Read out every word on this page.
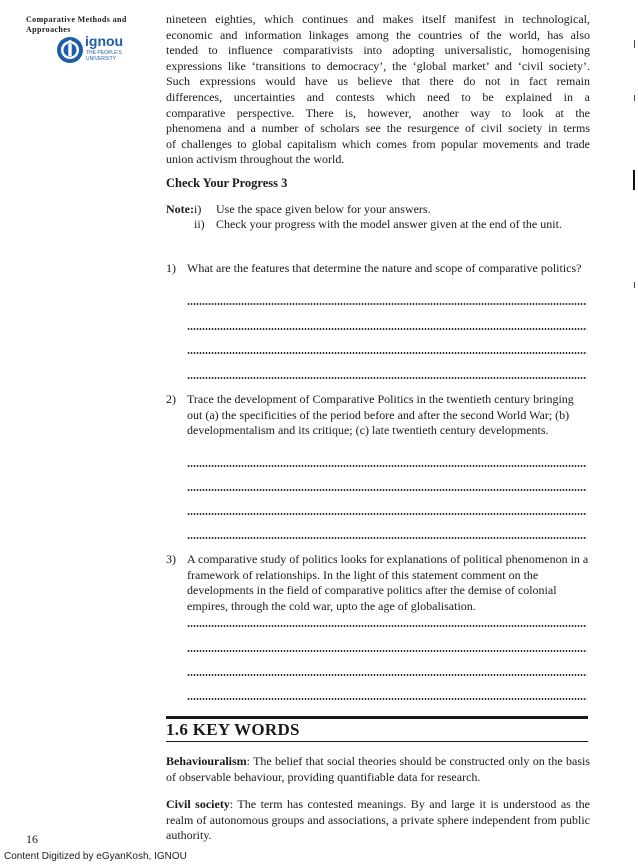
Comparative Methods and
Approaches
ignou
THE PEOPLE'S
UNIVERSITY
nineteen eighties, which continues and makes itself manifest in technological,
economic and information linkages among the countries of the world, has also
tended to influence comparativists into adopting universalistic, homogenising
expressions like ‘transitions to democracy’, the ‘global market’ and ‘civil society’.
Such expressions would have us believe that there do not in fact remain
differences, uncertainties and contests which need to be explained in a
comparative perspective. There is, however, another way to look at the
phenomena and a number of scholars see the resurgence of civil society in terms
of challenges to global capitalism which comes from popular movements and trade
union activism throughout the world.
Check Your Progress 3
Note: i)	Use the space given below for your answers.
ii) Check your progress with the model answer given at the end of the unit.
1) What are the features that determine the nature and scope of comparative politics?
2) Trace the development of Comparative Politics in the twentieth century bringing out (a) the specificities of the period before and after the second World War; (b) developmentalism and its critique; (c) late twentieth century developments.
3) A comparative study of politics looks for explanations of political phenomenon in a framework of relationships. In the light of this statement comment on the developments in the field of comparative politics after the demise of colonial empires, through the cold war, upto the age of globalisation.
1.6 KEY WORDS
Behaviouralism: The belief that social theories should be constructed only on the basis of observable behaviour, providing quantifiable data for research.
Civil society: The term has contested meanings. By and large it is understood as the realm of autonomous groups and associations, a private sphere independent from public authority.
16
Content Digitized by eGyanKosh, IGNOU
